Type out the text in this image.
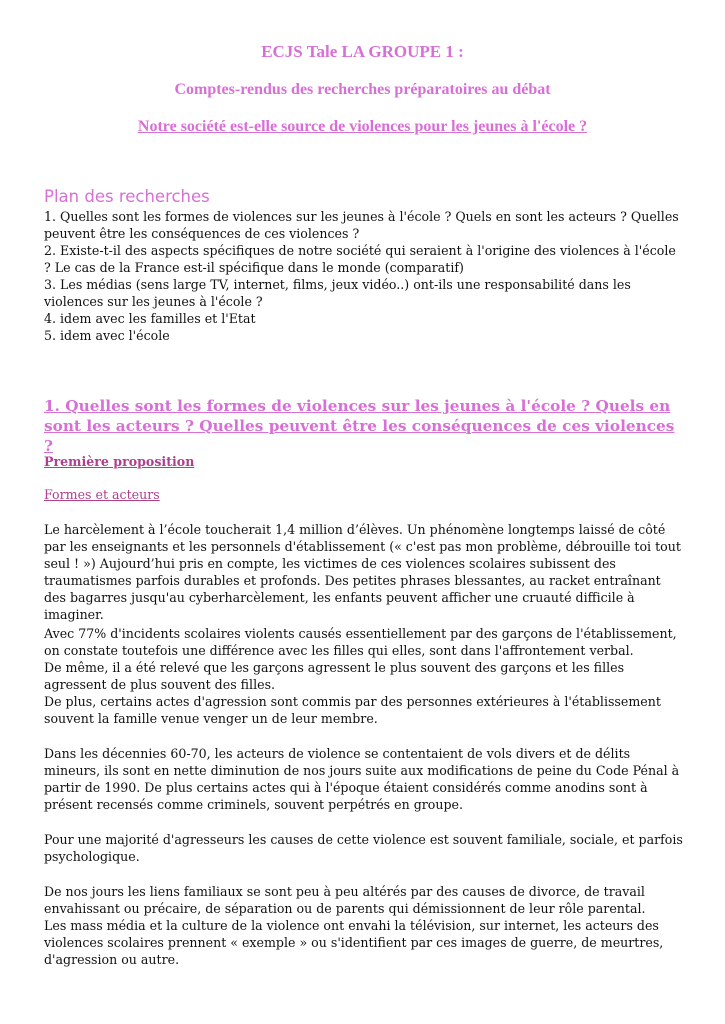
ECJS Tale LA GROUPE 1 :
Comptes-rendus des recherches préparatoires au débat
Notre société est-elle source de violences pour les jeunes à l'école ?
Plan des recherches

1. Quelles sont les formes de violences sur les jeunes à l'école ? Quels en sont les acteurs ? Quelles peuvent être les conséquences de ces violences ?

2. Existe-t-il des aspects spécifiques de notre société qui seraient à l'origine des violences à l'école ? Le cas de la France est-il spécifique dans le monde (comparatif)

3. Les médias (sens large TV, internet, films, jeux vidéo..) ont-ils une responsabilité dans les violences sur les jeunes à l'école ?

4. idem avec les familles et l'Etat

5. idem avec l'école

1. Quelles sont les formes de violences sur les jeunes à l'école ? Quels en sont les acteurs ? Quelles peuvent être les conséquences de ces violences ?

Première proposition

Formes et acteurs

Le harcèlement à l’école toucherait 1,4 million d’élèves. Un phénomène longtemps laissé de côté par les enseignants et les personnels d'établissement (« c'est pas mon problème, débrouille toi tout seul ! ») Aujourd’hui pris en compte, les victimes de ces violences scolaires subissent des traumatismes parfois durables et profonds. Des petites phrases blessantes, au racket entraînant des bagarres jusqu'au cyberharcèlement, les enfants peuvent afficher une cruauté difficile à imaginer.

Avec 77% d'incidents scolaires violents causés essentiellement par des garçons de l'établissement, on constate toutefois une différence avec les filles qui elles, sont dans l'affrontement verbal.

De même, il a été relevé que les garçons agressent le plus souvent des garçons et les filles agressent de plus souvent des filles.

De plus, certains actes d'agression sont commis par des personnes extérieures à l'établissement souvent la famille venue venger un de leur membre.

Dans les décennies 60-70, les acteurs de violence se contentaient de vols divers et de délits mineurs, ils sont en nette diminution de nos jours suite aux modifications de peine du Code Pénal à partir de 1990. De plus certains actes qui à l'époque étaient considérés comme anodins sont à présent recensés comme criminels, souvent perpétrés en groupe.

Pour une majorité d'agresseurs les causes de cette violence est souvent familiale, sociale, et parfois psychologique.

De nos jours les liens familiaux se sont peu à peu altérés par des causes de divorce, de travail envahissant ou précaire, de séparation ou de parents qui démissionnent de leur rôle parental.

Les mass média et la culture de la violence ont envahi la télévision, sur internet, les acteurs des violences scolaires prennent « exemple » ou s'identifient par ces images de guerre, de meurtres, d'agression ou autre.
